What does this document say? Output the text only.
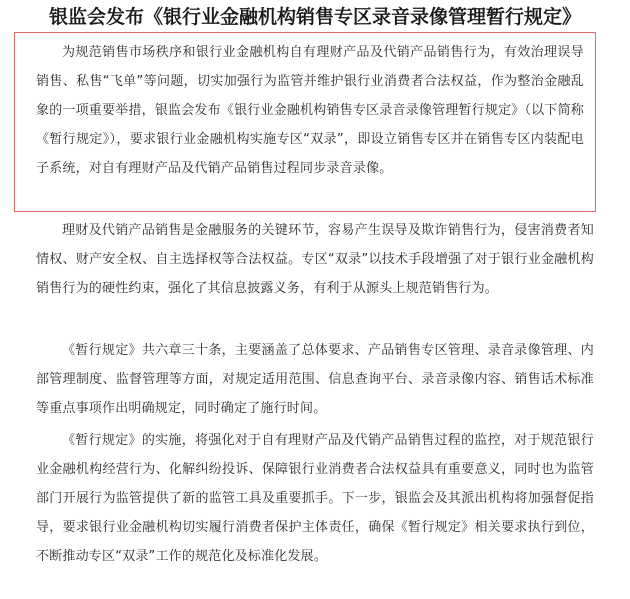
银监会发布《银行业金融机构销售专区录音录像管理暂行规定》

为规范销售市场秩序和银行业金融机构自有理财产品及代销产品销售行为，有效治理误导销售、私售“飞单”等问题，切实加强行为监管并维护银行业消费者合法权益，作为整治金融乱象的一项重要举措，银监会发布《银行业金融机构销售专区录音录像管理暂行规定》（以下简称《暂行规定》），要求银行业金融机构实施专区“双录”，即设立销售专区并在销售专区内装配电子系统，对自有理财产品及代销产品销售过程同步录音录像。

理财及代销产品销售是金融服务的关键环节，容易产生误导及欺诈销售行为，侵害消费者知情权、财产安全权、自主选择权等合法权益。专区“双录”以技术手段增强了对于银行业金融机构销售行为的硬性约束，强化了其信息披露义务，有利于从源头上规范销售行为。

《暂行规定》共六章三十条，主要涵盖了总体要求、产品销售专区管理、录音录像管理、内部管理制度、监督管理等方面，对规定适用范围、信息查询平台、录音录像内容、销售话术标准等重点事项作出明确规定，同时确定了施行时间。

《暂行规定》的实施，将强化对于自有理财产品及代销产品销售过程的监控，对于规范银行业金融机构经营行为、化解纠纷投诉、保障银行业消费者合法权益具有重要意义，同时也为监管部门开展行为监管提供了新的监管工具及重要抓手。下一步，银监会及其派出机构将加强督促指导，要求银行业金融机构切实履行消费者保护主体责任，确保《暂行规定》相关要求执行到位，不断推动专区“双录”工作的规范化及标准化发展。
